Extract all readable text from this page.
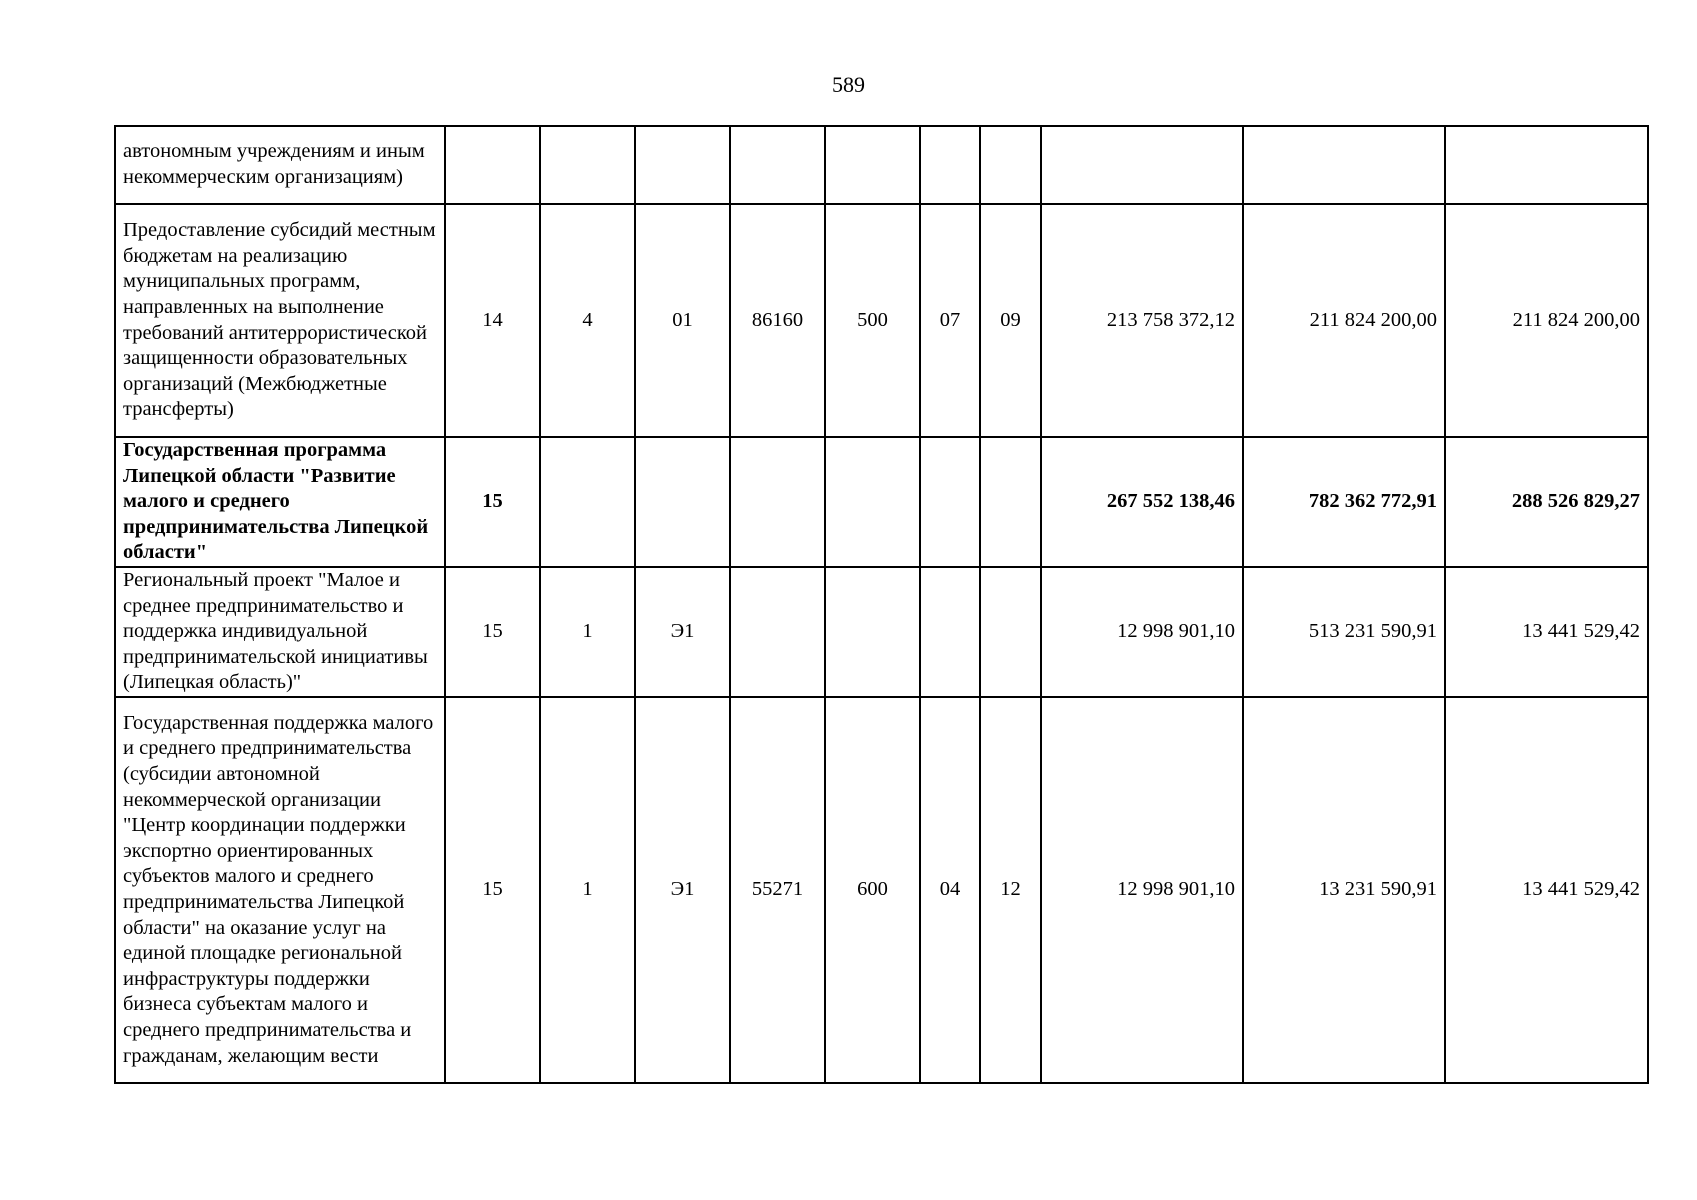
589
автономным учреждениям и иным некоммерческим организациям)										
Предоставление субсидий местным бюджетам на реализацию муниципальных программ, направленных на выполнение требований антитеррористической защищенности образовательных организаций (Межбюджетные трансферты)	14	4	01	86160	500	07	09	213 758 372,12	211 824 200,00	211 824 200,00
Государственная программа Липецкой области "Развитие малого и среднего предпринимательства Липецкой области"	15							267 552 138,46	782 362 772,91	288 526 829,27
Региональный проект "Малое и среднее предпринимательство и поддержка индивидуальной предпринимательской инициативы (Липецкая область)"	15	1	Э1					12 998 901,10	513 231 590,91	13 441 529,42
Государственная поддержка малого и среднего предпринимательства (субсидии автономной некоммерческой организации "Центр координации поддержки экспортно ориентированных субъектов малого и среднего предпринимательства Липецкой области" на оказание услуг на единой площадке региональной инфраструктуры поддержки бизнеса субъектам малого и среднего предпринимательства и гражданам, желающим вести	15	1	Э1	55271	600	04	12	12 998 901,10	13 231 590,91	13 441 529,42
